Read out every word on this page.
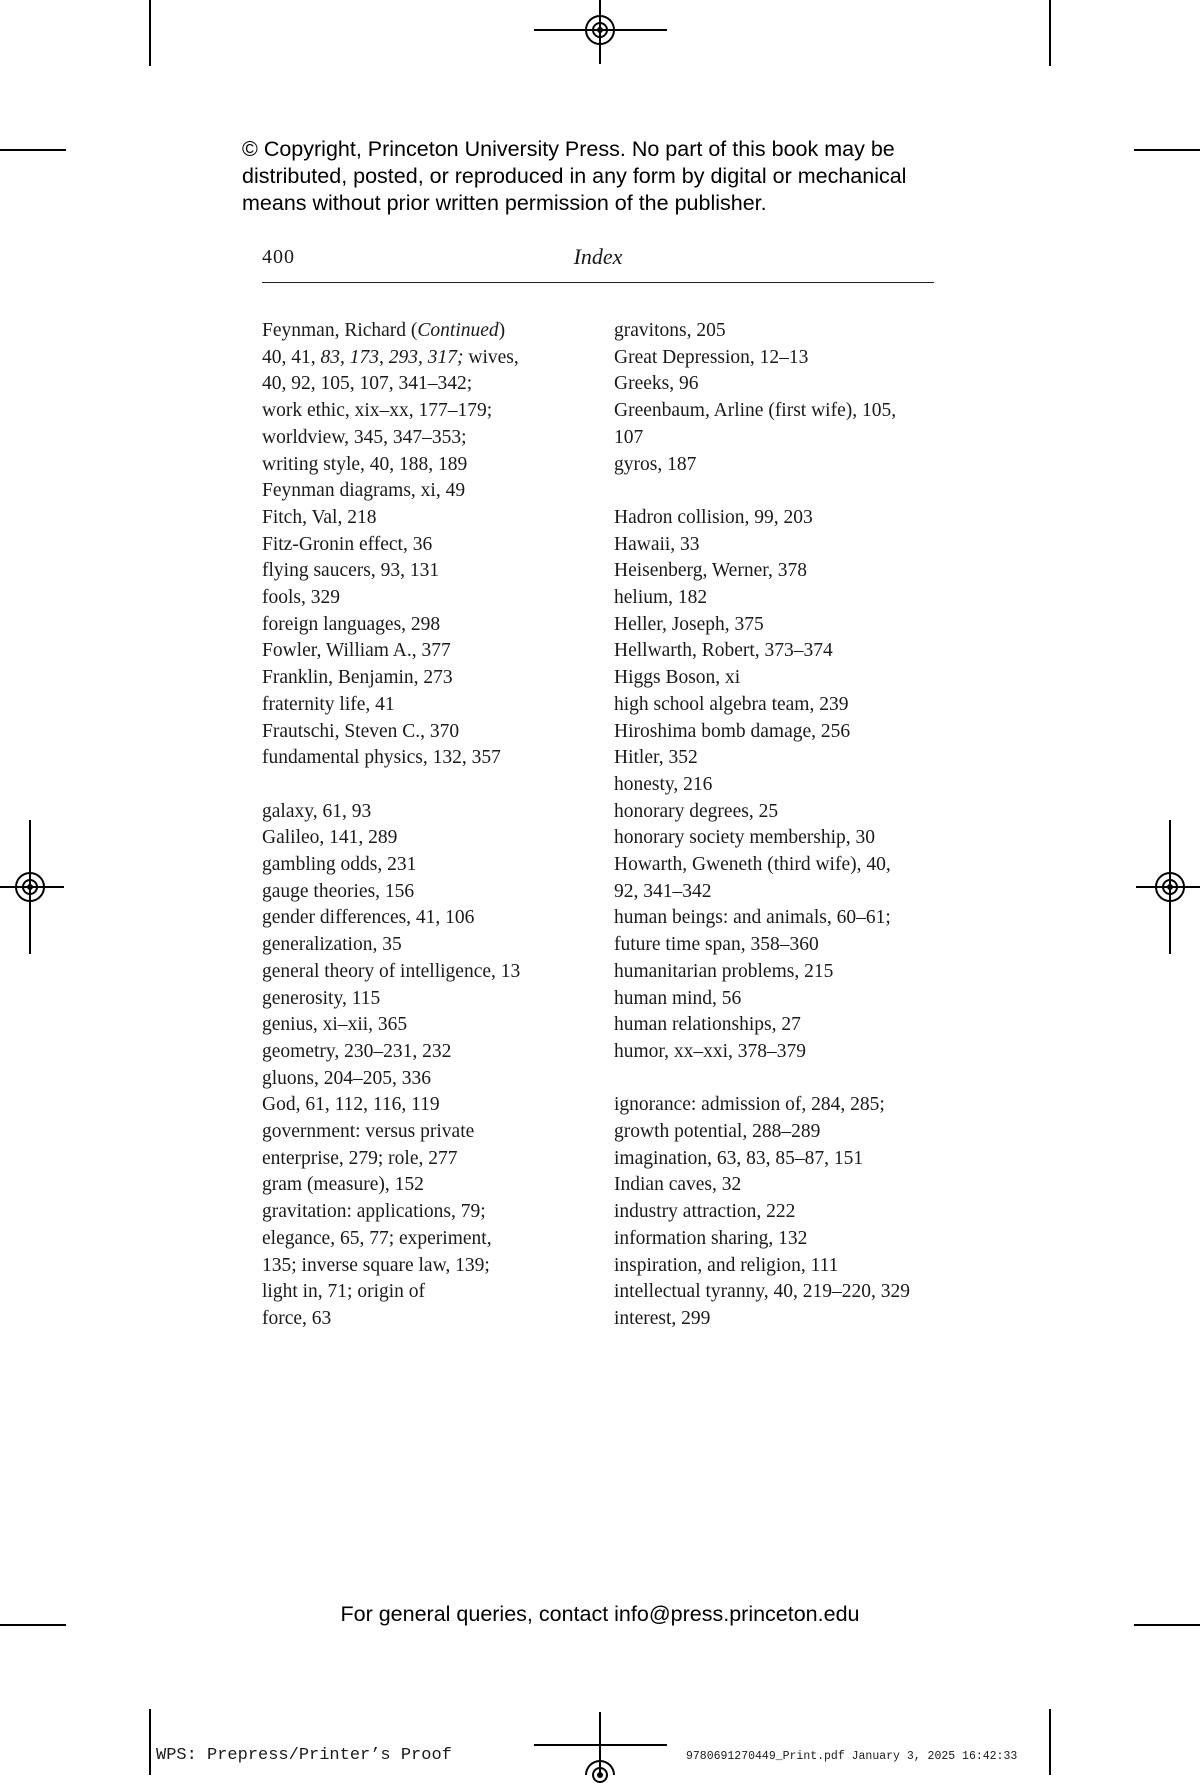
© Copyright, Princeton University Press. No part of this book may be
distributed, posted, or reproduced in any form by digital or mechanical
means without prior written permission of the publisher.
400	Index
Feynman, Richard (Continued)
40, 41, 83, 173, 293, 317; wives,
40, 92, 105, 107, 341–342;
work ethic, xix–xx, 177–179;
worldview, 345, 347–353;
writing style, 40, 188, 189
Feynman diagrams, xi, 49
Fitch, Val, 218
Fitz-Gronin effect, 36
flying saucers, 93, 131
fools, 329
foreign languages, 298
Fowler, William A., 377
Franklin, Benjamin, 273
fraternity life, 41
Frautschi, Steven C., 370
fundamental physics, 132, 357
galaxy, 61, 93
Galileo, 141, 289
gambling odds, 231
gauge theories, 156
gender differences, 41, 106
generalization, 35
general theory of intelligence, 13
generosity, 115
genius, xi–xii, 365
geometry, 230–231, 232
gluons, 204–205, 336
God, 61, 112, 116, 119
government: versus private
enterprise, 279; role, 277
gram (measure), 152
gravitation: applications, 79;
elegance, 65, 77; experiment,
135; inverse square law, 139;
light in, 71; origin of
force, 63
gravitons, 205
Great Depression, 12–13
Greeks, 96
Greenbaum, Arline (first wife), 105,
107
gyros, 187
Hadron collision, 99, 203
Hawaii, 33
Heisenberg, Werner, 378
helium, 182
Heller, Joseph, 375
Hellwarth, Robert, 373–374
Higgs Boson, xi
high school algebra team, 239
Hiroshima bomb damage, 256
Hitler, 352
honesty, 216
honorary degrees, 25
honorary society membership, 30
Howarth, Gweneth (third wife), 40,
92, 341–342
human beings: and animals, 60–61;
future time span, 358–360
humanitarian problems, 215
human mind, 56
human relationships, 27
humor, xx–xxi, 378–379
ignorance: admission of, 284, 285;
growth potential, 288–289
imagination, 63, 83, 85–87, 151
Indian caves, 32
industry attraction, 222
information sharing, 132
inspiration, and religion, 111
intellectual tyranny, 40, 219–220, 329
interest, 299
For general queries, contact info@press.princeton.edu
WPS: Prepress/Printer’s Proof	9780691270449_Print.pdf January 3, 2025 16:42:33
